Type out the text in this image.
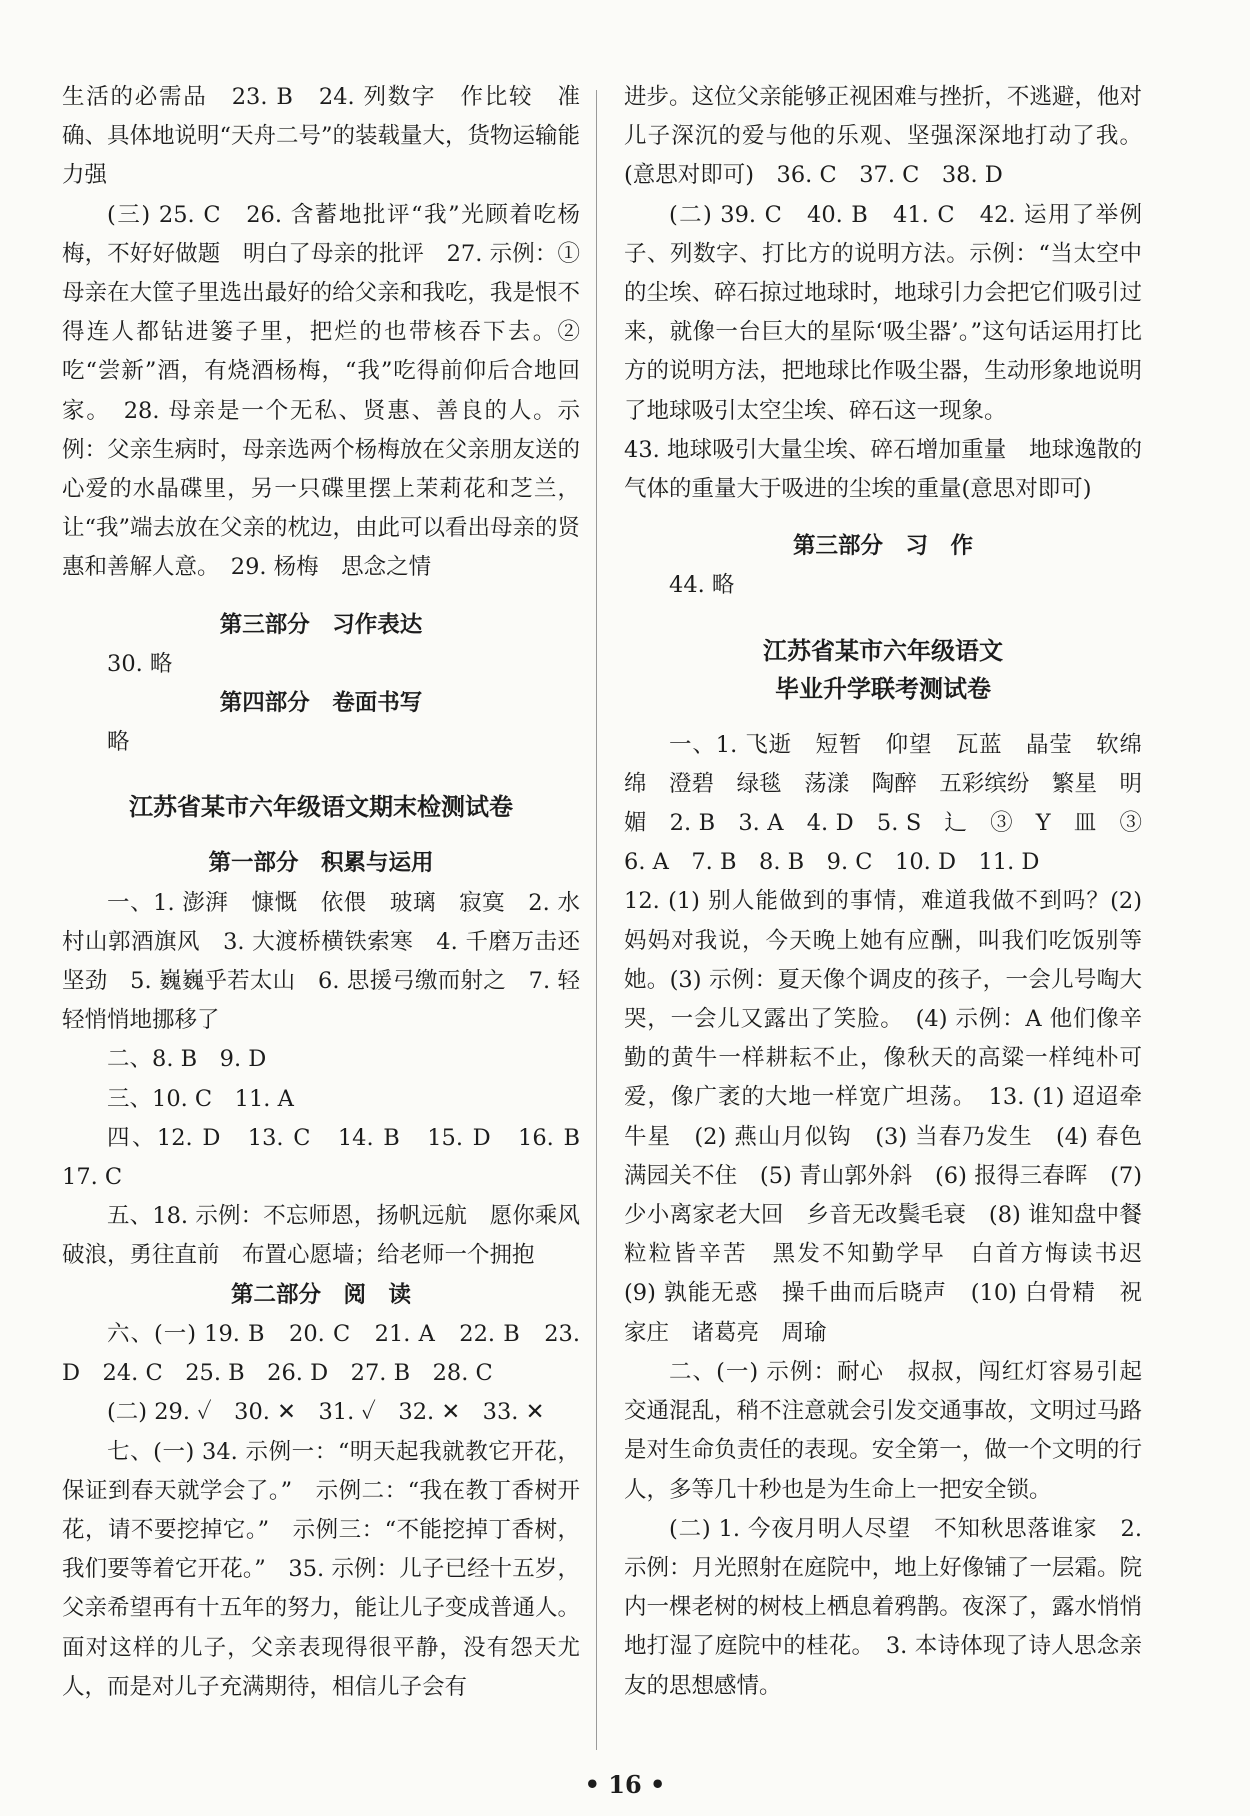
生活的必需品　23. B　24. 列数字　作比较　准确、具体地说明“天舟二号”的装载量大，货物运输能力强

(三) 25. C　26. 含蓄地批评“我”光顾着吃杨梅，不好好做题　明白了母亲的批评　27. 示例：① 母亲在大筐子里选出最好的给父亲和我吃，我是恨不得连人都钻进篓子里，把烂的也带核吞下去。② 吃“尝新”酒，有烧酒杨梅，“我”吃得前仰后合地回家。　28. 母亲是一个无私、贤惠、善良的人。示例：父亲生病时，母亲选两个杨梅放在父亲朋友送的心爱的水晶碟里，另一只碟里摆上茉莉花和芝兰，让“我”端去放在父亲的枕边，由此可以看出母亲的贤惠和善解人意。　29. 杨梅　思念之情

第三部分　习作表达

30. 略

第四部分　卷面书写

略

江苏省某市六年级语文期末检测试卷

第一部分　积累与运用

一、1. 澎湃　慷慨　依偎　玻璃　寂寞　2. 水村山郭酒旗风　3. 大渡桥横铁索寒　4. 千磨万击还坚劲　5. 巍巍乎若太山　6. 思援弓缴而射之　7. 轻轻悄悄地挪移了

二、8. B　9. D

三、10. C　11. A

四、12. D　13. C　14. B　15. D　16. B　17. C

五、18. 示例：不忘师恩，扬帆远航　愿你乘风破浪，勇往直前　布置心愿墙；给老师一个拥抱

第二部分　阅　读

六、(一) 19. B　20. C　21. A　22. B　23. D　24. C　25. B　26. D　27. B　28. C

(二) 29. ✓　30. ✕　31. ✓　32. ✕　33. ✕

七、(一) 34. 示例一：“明天起我就教它开花，保证到春天就学会了。”　示例二：“我在教丁香树开花，请不要挖掉它。”　示例三：“不能挖掉丁香树，我们要等着它开花。”　35. 示例：儿子已经十五岁，父亲希望再有十五年的努力，能让儿子变成普通人。面对这样的儿子，父亲表现得很平静，没有怨天尤人，而是对儿子充满期待，相信儿子会有

进步。这位父亲能够正视困难与挫折，不逃避，他对儿子深沉的爱与他的乐观、坚强深深地打动了我。(意思对即可)　36. C　37. C　38. D

(二) 39. C　40. B　41. C　42. 运用了举例子、列数字、打比方的说明方法。示例：“当太空中的尘埃、碎石掠过地球时，地球引力会把它们吸引过来，就像一台巨大的星际‘吸尘器’。”这句话运用打比方的说明方法，把地球比作吸尘器，生动形象地说明了地球吸引太空尘埃、碎石这一现象。

43. 地球吸引大量尘埃、碎石增加重量　地球逸散的气体的重量大于吸进的尘埃的重量(意思对即可)

第三部分　习　作

44. 略

江苏省某市六年级语文

毕业升学联考测试卷

一、1. 飞逝　短暂　仰望　瓦蓝　晶莹　软绵绵　澄碧　绿毯　荡漾　陶醉　五彩缤纷　繁星　明媚　2. B　3. A　4. D　5. S　辶　③　Y　皿　③　6. A　7. B　8. B　9. C　10. D　11. D

12. (1) 别人能做到的事情，难道我做不到吗？(2) 妈妈对我说，今天晚上她有应酬，叫我们吃饭别等她。(3) 示例：夏天像个调皮的孩子，一会儿号啕大哭，一会儿又露出了笑脸。　(4) 示例：A 他们像辛勤的黄牛一样耕耘不止，像秋天的高粱一样纯朴可爱，像广袤的大地一样宽广坦荡。　13. (1) 迢迢牵牛星　(2) 燕山月似钩　(3) 当春乃发生　(4) 春色满园关不住　(5) 青山郭外斜　(6) 报得三春晖　(7) 少小离家老大回　乡音无改鬓毛衰　(8) 谁知盘中餐　粒粒皆辛苦　黑发不知勤学早　白首方悔读书迟　(9) 孰能无惑　操千曲而后晓声　(10) 白骨精　祝家庄　诸葛亮　周瑜

二、(一) 示例：耐心　叔叔，闯红灯容易引起交通混乱，稍不注意就会引发交通事故，文明过马路是对生命负责任的表现。安全第一，做一个文明的行人，多等几十秒也是为生命上一把安全锁。

(二) 1. 今夜月明人尽望　不知秋思落谁家　2. 示例：月光照射在庭院中，地上好像铺了一层霜。院内一棵老树的树枝上栖息着鸦鹊。夜深了，露水悄悄地打湿了庭院中的桂花。　3. 本诗体现了诗人思念亲友的思想感情。

• 16 •
